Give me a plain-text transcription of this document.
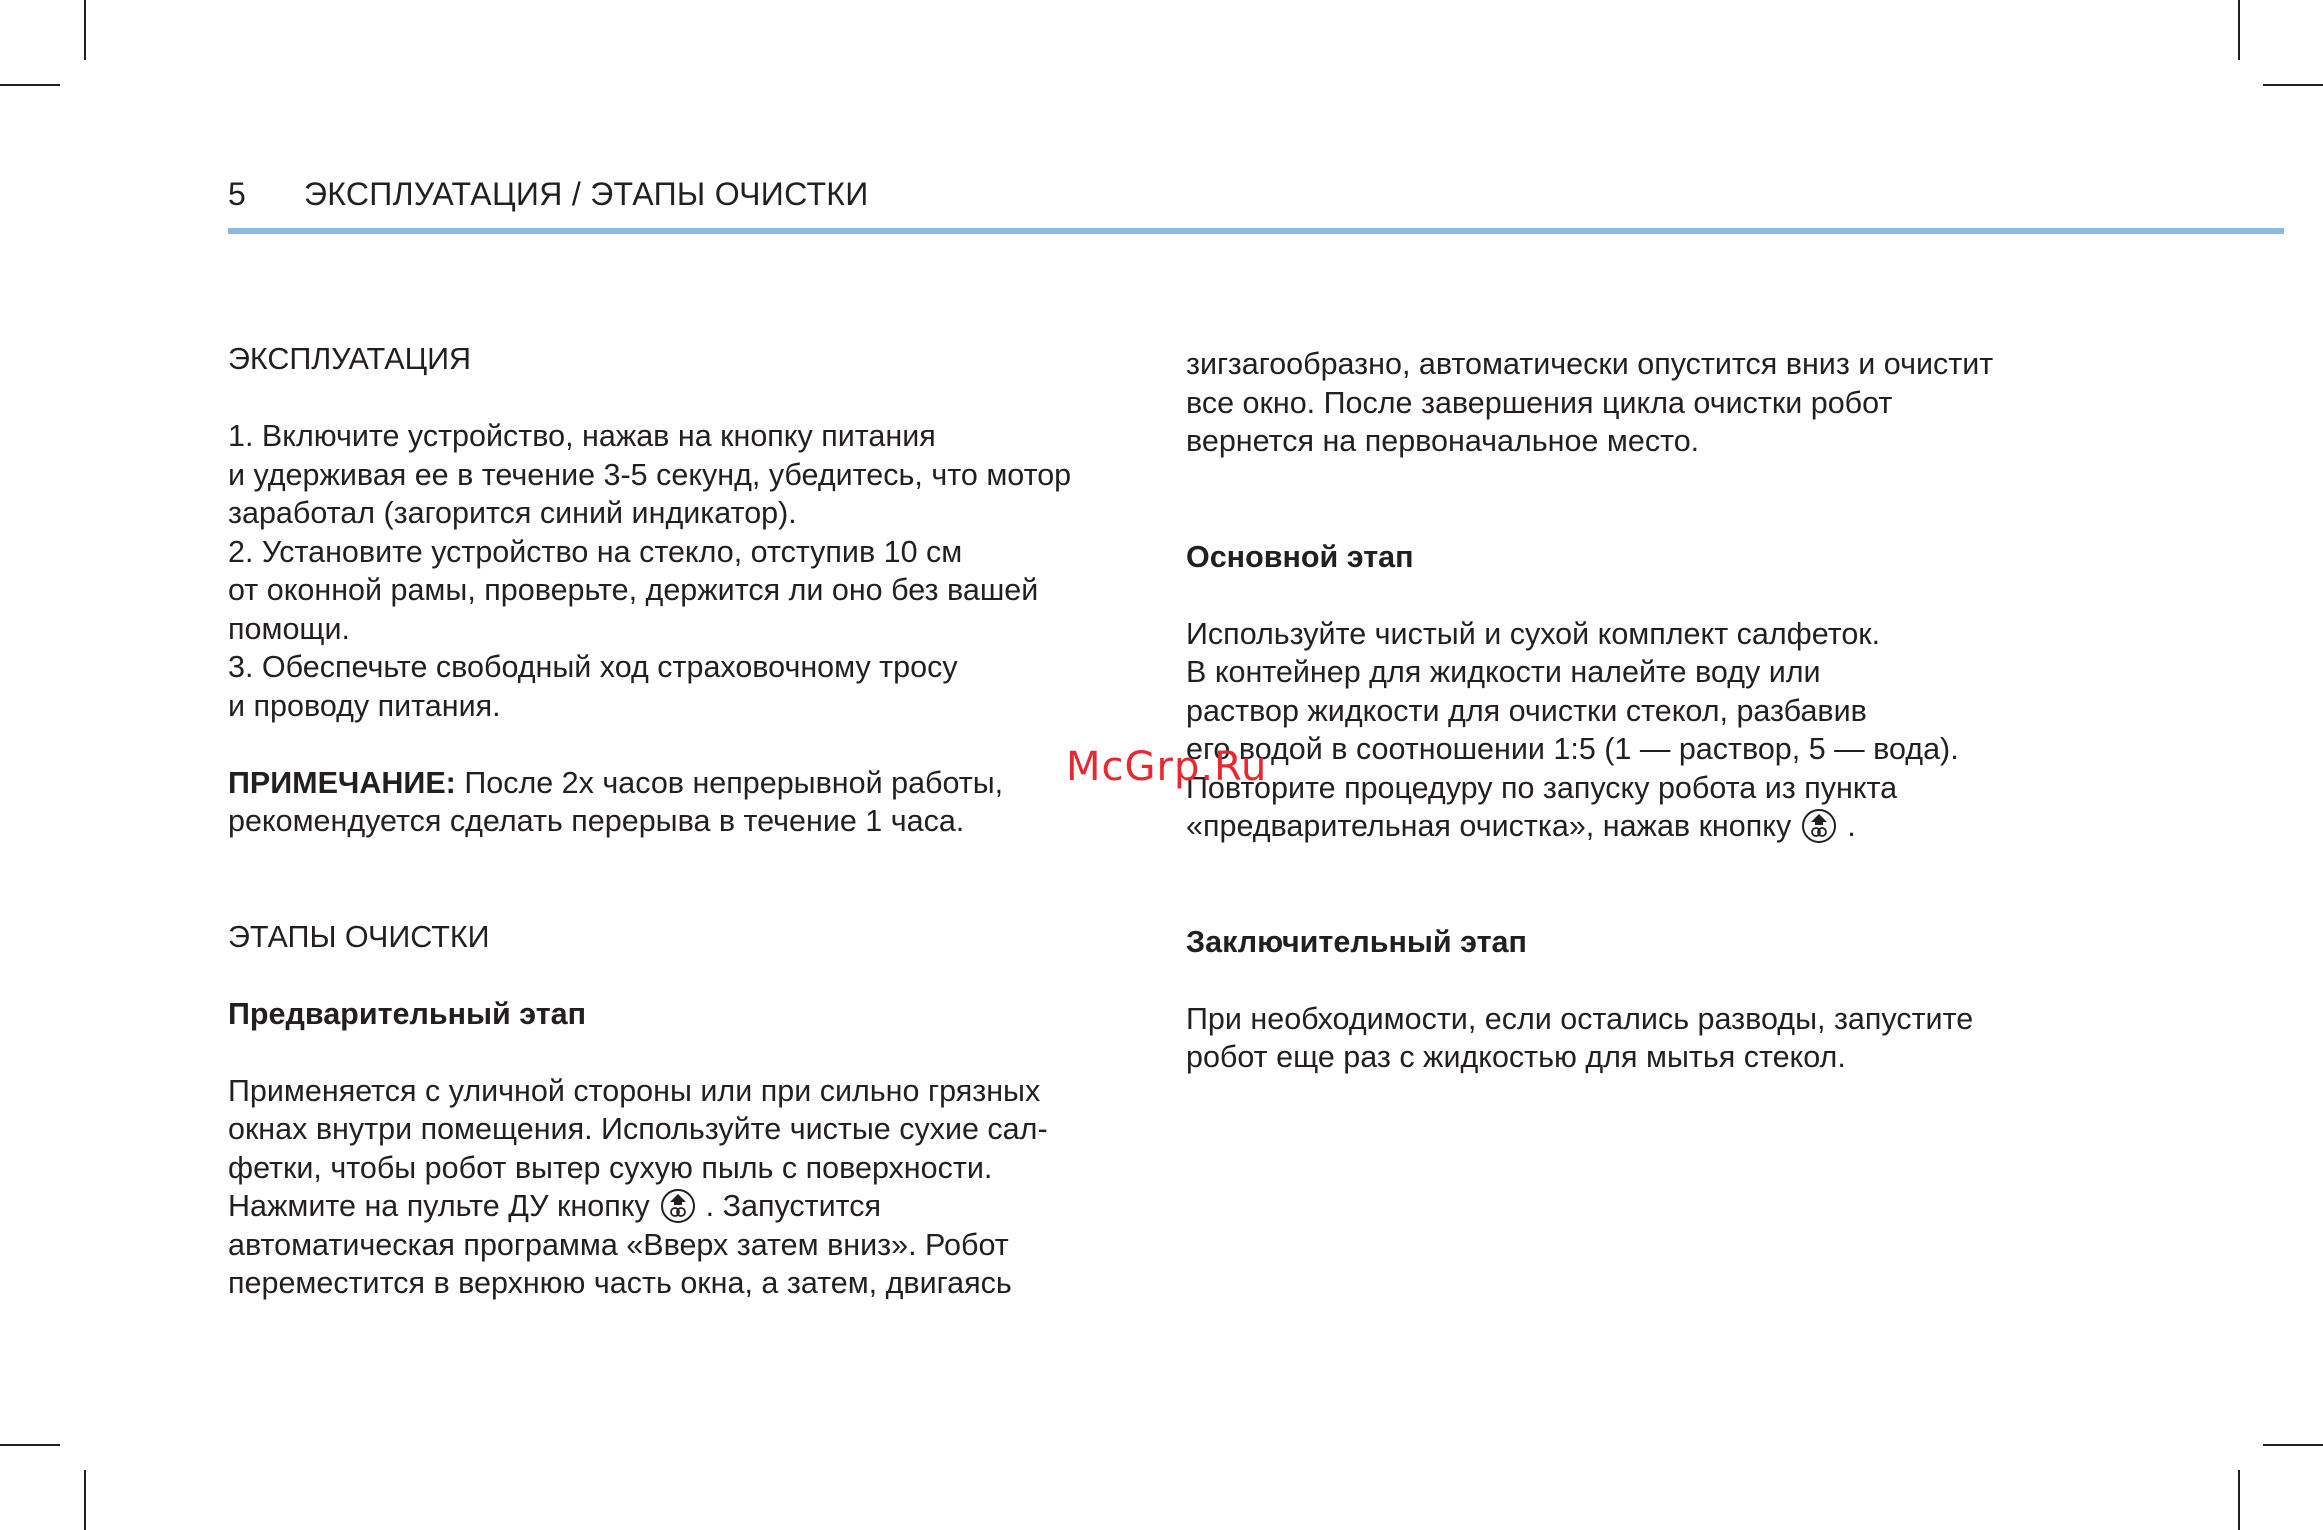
5 ЭКСПЛУАТАЦИЯ / ЭТАПЫ ОЧИСТКИ

ЭКСПЛУАТАЦИЯ

1. Включите устройство, нажав на кнопку питания

и удерживая ее в течение 3-5 секунд, убедитесь, что мотор

заработал (загорится синий индикатор).

2. Установите устройство на стекло, отступив 10 см

от оконной рамы, проверьте, держится ли оно без вашей

помощи.

3. Обеспечьте свободный ход страховочному тросу

и проводу питания.

ПРИМЕЧАНИЕ: После 2х часов непрерывной работы,

рекомендуется сделать перерыва в течение 1 часа.

ЭТАПЫ ОЧИСТКИ

Предварительный этап

Применяется с уличной стороны или при сильно грязных

окнах внутри помещения. Используйте чистые сухие сал-

фетки, чтобы робот вытер сухую пыль с поверхности.

Нажмите на пульте ДУ кнопку . Запустится

автоматическая программа «Вверх затем вниз». Робот

переместится в верхнюю часть окна, а затем, двигаясь

зигзагообразно, автоматически опустится вниз и очистит

все окно. После завершения цикла очистки робот

вернется на первоначальное место.

Основной этап

Используйте чистый и сухой комплект салфеток.

В контейнер для жидкости налейте воду или

раствор жидкости для очистки стекол, разбавив

его водой в соотношении 1:5 (1 — раствор, 5 — вода).

Повторите процедуру по запуску робота из пункта

«предварительная очистка», нажав кнопку .

Заключительный этап

При необходимости, если остались разводы, запустите

робот еще раз с жидкостью для мытья стекол.

McGrp.Ru
